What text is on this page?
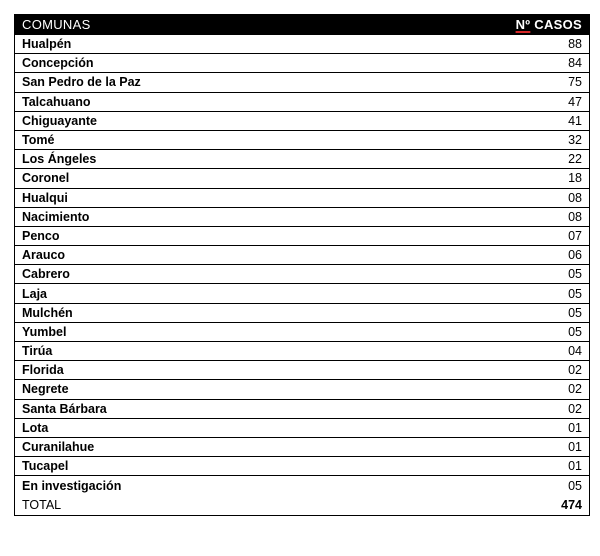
COMUNAS	Nº CASOS
Hualpén	88
Concepción	84
San Pedro de la Paz	75
Talcahuano	47
Chiguayante	41
Tomé	32
Los Ángeles	22
Coronel	18
Hualqui	08
Nacimiento	08
Penco	07
Arauco	06
Cabrero	05
Laja	05
Mulchén	05
Yumbel	05
Tirúa	04
Florida	02
Negrete	02
Santa Bárbara	02
Lota	01
Curanilahue	01
Tucapel	01
En investigación	05
TOTAL	474
